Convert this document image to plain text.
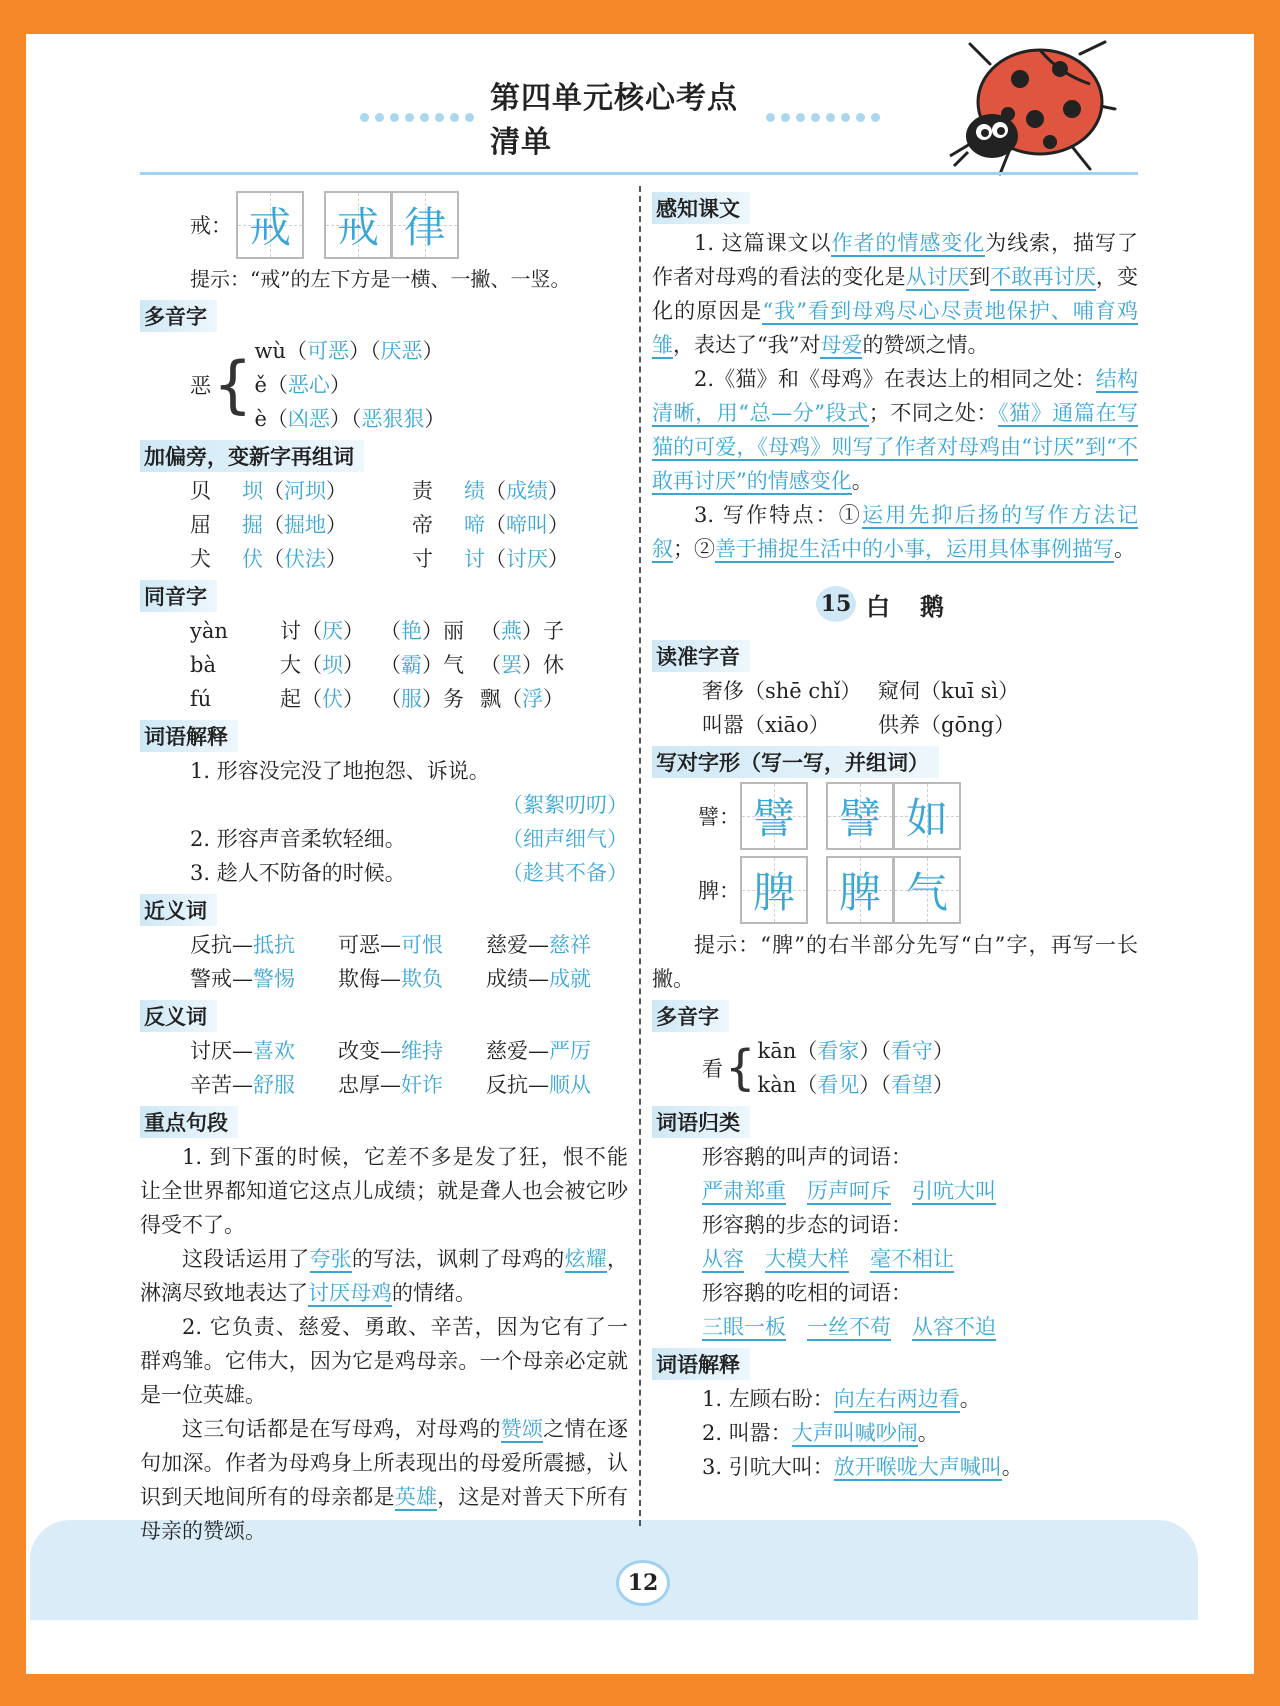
第四单元核心考点清单
戒： 戒 戒 律
提示：“戒”的左下方是一横、一撇、一竖。
多音字
恶 { wù（可恶）（厌恶）
ě（恶心）
è（凶恶）（恶狠狠）
加偏旁，变新字再组词
贝	坝（河坝）	责	绩（成绩）
屈	掘（掘地）	帝	啼（啼叫）
犬	伏（伏法）	寸	讨（讨厌）
同音字
yàn	讨（厌） （艳）丽 （燕）子
bà	大（坝） （霸）气 （罢）休
fú	起（伏） （服）务 飘（浮）
词语解释
1. 形容没完没了地抱怨、诉说。
（絮絮叨叨）
2. 形容声音柔软轻细。	（细声细气）
3. 趁人不防备的时候。	（趁其不备）
近义词
反抗—抵抗	可恶—可恨	慈爱—慈祥
警戒—警惕	欺侮—欺负	成绩—成就
反义词
讨厌—喜欢	改变—维持	慈爱—严厉
辛苦—舒服	忠厚—奸诈	反抗—顺从
重点句段
1. 到下蛋的时候，它差不多是发了狂，恨不能让全世界都知道它这点儿成绩；就是聋人也会被它吵得受不了。
这段话运用了夸张的写法，讽刺了母鸡的炫耀，淋漓尽致地表达了讨厌母鸡的情绪。
2. 它负责、慈爱、勇敢、辛苦，因为它有了一群鸡雏。它伟大，因为它是鸡母亲。一个母亲必定就是一位英雄。
这三句话都是在写母鸡，对母鸡的赞颂之情在逐句加深。作者为母鸡身上所表现出的母爱所震撼，认识到天地间所有的母亲都是英雄，这是对普天下所有母亲的赞颂。
感知课文
1. 这篇课文以作者的情感变化为线索，描写了作者对母鸡的看法的变化是从讨厌到不敢再讨厌，变化的原因是“我”看到母鸡尽心尽责地保护、哺育鸡雏，表达了“我”对母爱的赞颂之情。
2.《猫》和《母鸡》在表达上的相同之处：结构清晰，用“总—分”段式；不同之处：《猫》通篇在写猫的可爱，《母鸡》则写了作者对母鸡由“讨厌”到“不敢再讨厌”的情感变化。
3. 写作特点：①运用先抑后扬的写作方法记叙；②善于捕捉生活中的小事，运用具体事例描写。
15 白鹅
读准字音
奢侈（shē chǐ） 窥伺（kuī sì）
叫嚣（xiāo）	供养（gōng）
写对字形（写一写，并组词）
譬： 譬 譬 如
脾： 脾 脾 气
提示：“脾”的右半部分先写“白”字，再写一长撇。
多音字
看 { kān（看家）（看守）
kàn（看见）（看望）
词语归类
形容鹅的叫声的词语：
严肃郑重　 厉声呵斥　 引吭大叫
形容鹅的步态的词语：
从容　 大模大样　 毫不相让
形容鹅的吃相的词语：
三眼一板　 一丝不苟　 从容不迫
词语解释
1. 左顾右盼：向左右两边看。
2. 叫嚣：大声叫喊吵闹。
3. 引吭大叫：放开喉咙大声喊叫。
12
